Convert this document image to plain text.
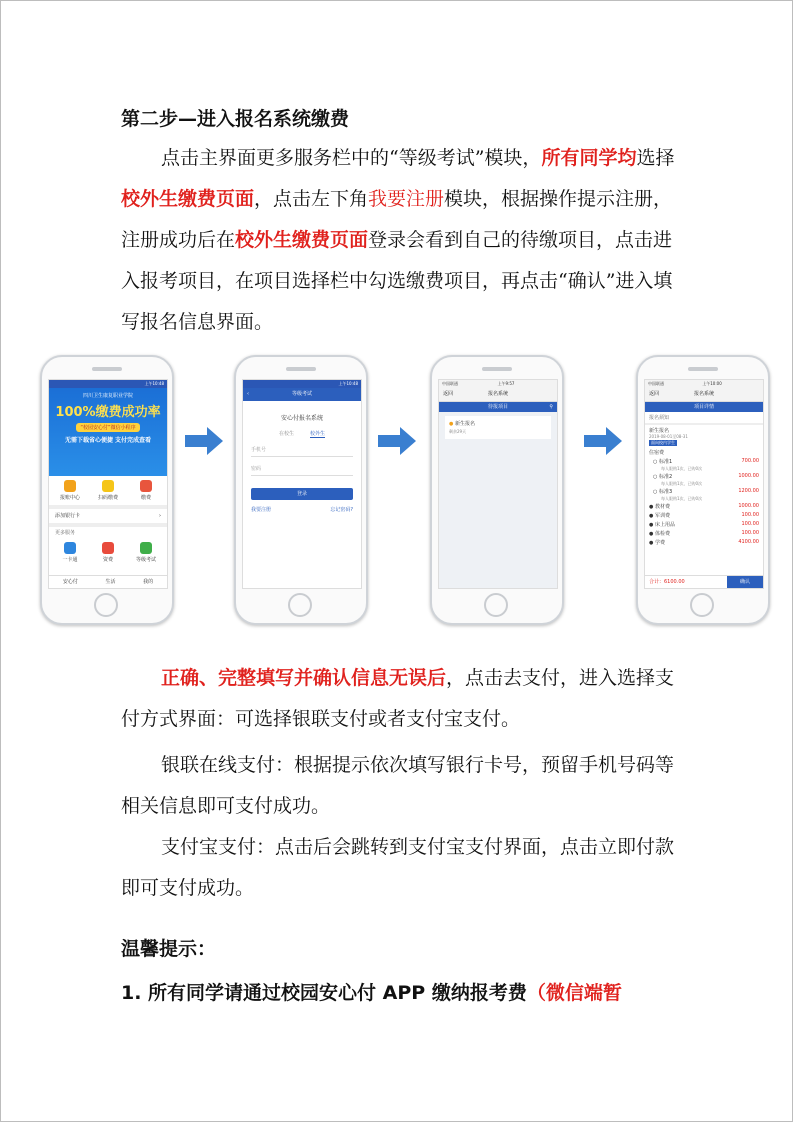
第二步—进入报名系统缴费
点击主界面更多服务栏中的“等级考试”模块，所有同学均选择校外生缴费页面，点击左下角我要注册模块，根据操作提示注册，注册成功后在校外生缴费页面登录会看到自己的待缴项目，点击进入报考项目，在项目选择栏中勾选缴费项目，再点击“确认”进入填写报名信息界面。
上午10:48
四川卫生康复职业学院
100%缴费成功率
“校园安心付”微信小程序
无需下载省心便捷 支付完成查看
报账中心	扫码缴费	缴费
添加银行卡	›
更多服务
一卡通	资费	等级考试
安心付	生活	我的
上午10:48
‹	等级考试
安心付报名系统
在校生	校外生
手机号
密码
登录
我要注册	忘记密码?
中国联通	上午9:57
返回	报名系统
待报项目	⚲
● 新生报名
剩余29天
中国联通	上午10:00
返回	报名系统
项目详情
报名须知
新生报名
2019-08-01至08-31
面向校内学生
住宿费
○ 标准1	700.00
每人限购1次，已购0次
○ 标准2	1000.00
每人限购1次，已购0次
○ 标准3	1200.00
每人限购1次，已购0次
● 教材费	1000.00
● 军训费	100.00
● 床上用品	100.00
● 体检费	100.00
● 学费	4100.00
合计：6100.00	确认
正确、完整填写并确认信息无误后，点击去支付，进入选择支付方式界面：可选择银联支付或者支付宝支付。
银联在线支付：根据提示依次填写银行卡号，预留手机号码等相关信息即可支付成功。
支付宝支付：点击后会跳转到支付宝支付界面，点击立即付款即可支付成功。
温馨提示：
1. 所有同学请通过校园安心付 APP 缴纳报考费（微信端暂
